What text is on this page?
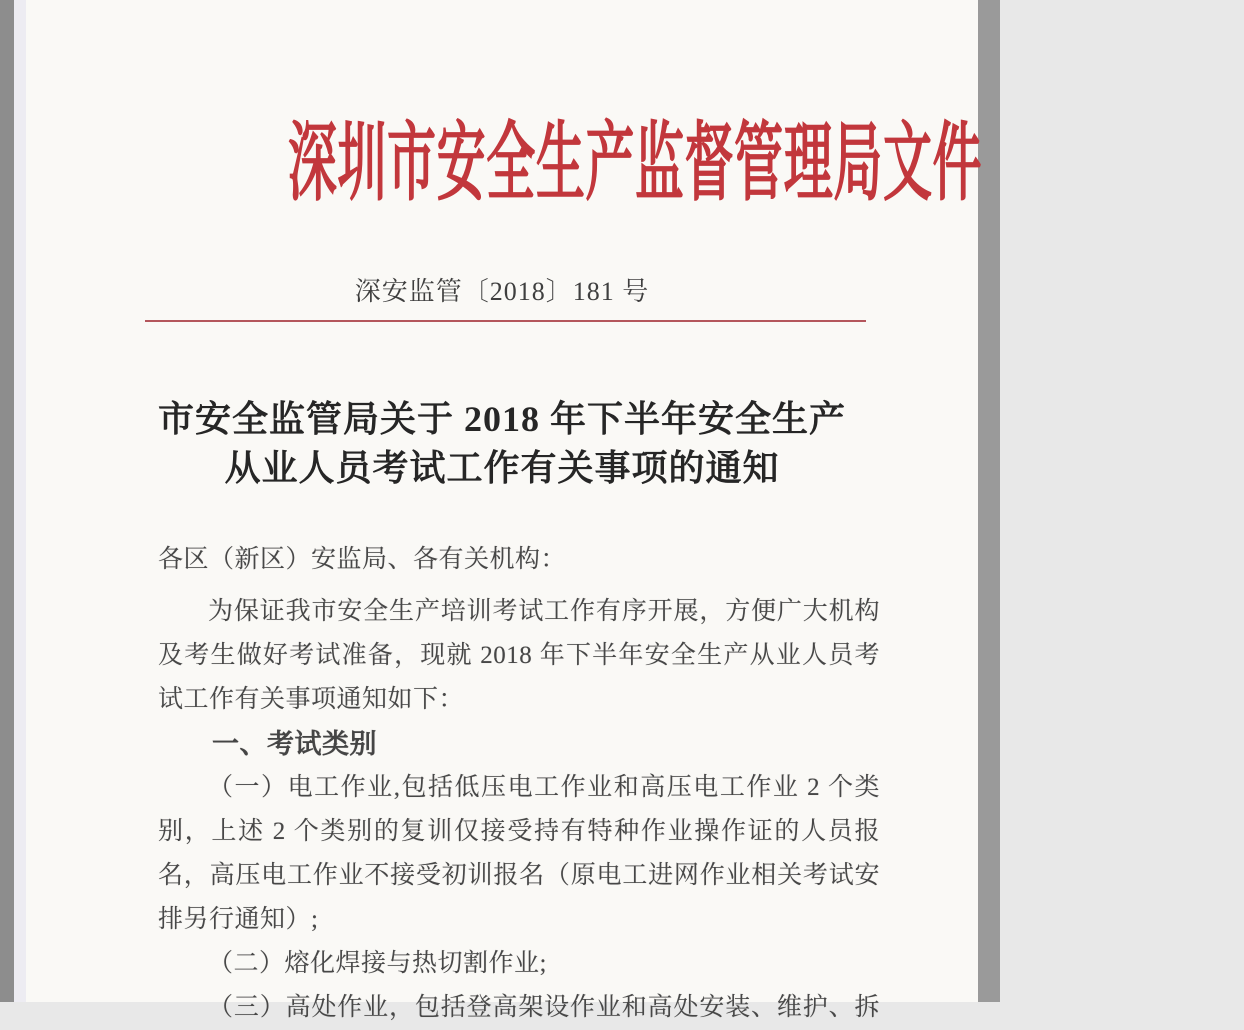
深圳市安全生产监督管理局文件
深安监管〔2018〕181 号
市安全监管局关于 2018 年下半年安全生产
从业人员考试工作有关事项的通知
各区（新区）安监局、各有关机构：
为保证我市安全生产培训考试工作有序开展，方便广大机构
及考生做好考试准备，现就 2018 年下半年安全生产从业人员考
试工作有关事项通知如下：
一、考试类别
（一）电工作业,包括低压电工作业和高压电工作业 2 个类
别，上述 2 个类别的复训仅接受持有特种作业操作证的人员报
名，高压电工作业不接受初训报名（原电工进网作业相关考试安
排另行通知）;
（二）熔化焊接与热切割作业;
（三）高处作业，包括登高架设作业和高处安装、维护、拆
